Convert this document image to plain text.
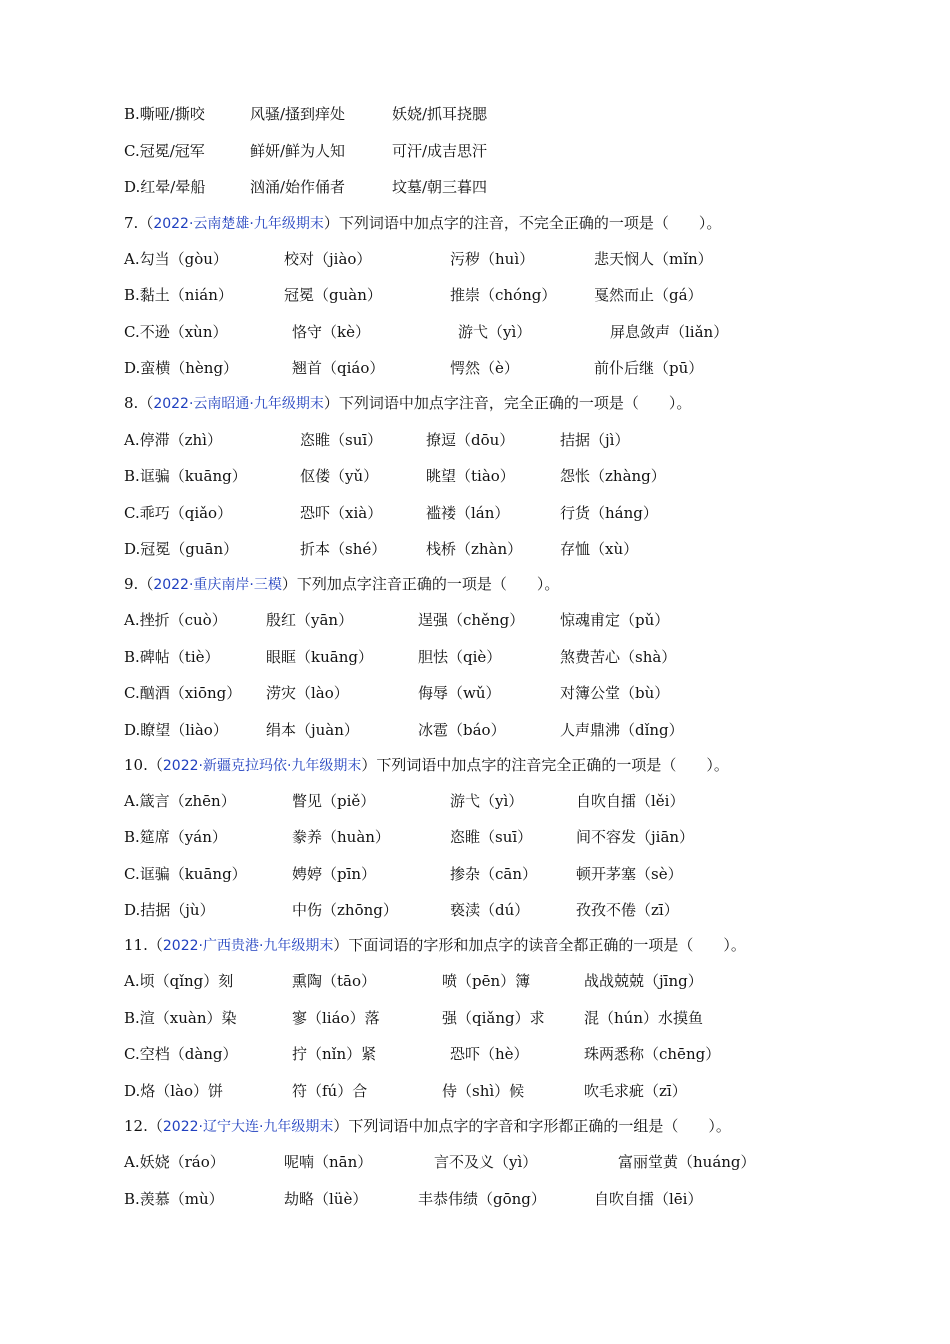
B.嘶哑/撕咬	风骚/搔到痒处	妖娆/抓耳挠腮
C.冠冕/冠军	鲜妍/鲜为人知	可汗/成吉思汗
D.红晕/晕船	汹涌/始作俑者	坟墓/朝三暮四
7.（2022·云南楚雄·九年级期末）下列词语中加点字的注音，不完全正确的一项是（　　）。
A.勾当（gòu）	校对（jiào）	污秽（huì）	悲天悯人（mǐn）
B.黏土（nián）	冠冕（guàn）	推崇（chóng）	戛然而止（gá）
C.不逊（xùn）	恪守（kè）	游弋（yì）	屏息敛声（liǎn）
D.蛮横（hèng）	翘首（qiáo）	愕然（è）	前仆后继（pū）
8.（2022·云南昭通·九年级期末）下列词语中加点字注音，完全正确的一项是（　　）。
A.停滞（zhì）	恣睢（suī）	撩逗（dōu）	拮据（jì）
B.诓骗（kuāng）	伛偻（yǔ）	眺望（tiào）	怨怅（zhàng）
C.乖巧（qiǎo）	恐吓（xià）	褴褛（lán）	行货（háng）
D.冠冕（guān）	折本（shé）	栈桥（zhàn）	存恤（xù）
9.（2022·重庆南岸·三模）下列加点字注音正确的一项是（　　）。
A.挫折（cuò）	殷红（yān）	逞强（chěng） 惊魂甫定（pǔ）
B.碑帖（tiè）	眼眶（kuāng）	胆怯（qiè）	煞费苦心（shà）
C.酗酒（xiōng） 涝灾（lào）	侮辱（wǔ）	对簿公堂（bù）
D.瞭望（liào）	绢本（juàn）	冰雹（báo）	人声鼎沸（dǐng）
10.（2022·新疆克拉玛依·九年级期末）下列词语中加点字的注音完全正确的一项是（　　）。
A.箴言（zhēn）	瞥见（piě）	游弋（yì）	自吹自擂（lěi）
B.筵席（yán）	豢养（huàn）	恣睢（suī）	间不容发（jiān）
C.诓骗（kuāng）	娉婷（pīn）	掺杂（cān）	顿开茅塞（sè）
D.拮据（jù）	中伤（zhōng）	亵渎（dú）	孜孜不倦（zī）
11.（2022·广西贵港·九年级期末）下面词语的字形和加点字的读音全都正确的一项是（　　）。
A.顷（qǐng）刻	熏陶（tāo）	喷（pēn）簿	战战兢兢（jīng）
B.渲（xuàn）染	寥（liáo）落	强（qiǎng）求	混（hún）水摸鱼
C.空档（dàng）	拧（nǐn）紧	恐吓（hè）	珠两悉称（chēng）
D.烙（lào）饼	符（fú）合	侍（shì）候	吹毛求疵（zī）
12.（2022·辽宁大连·九年级期末）下列词语中加点字的字音和字形都正确的一组是（　　）。
A.妖娆（ráo）	呢喃（nān）	言不及义（yì）	富丽堂黄（huáng）
B.羡慕（mù）	劫略（lüè）	丰恭伟绩（gōng）	自吹自擂（lēi）
